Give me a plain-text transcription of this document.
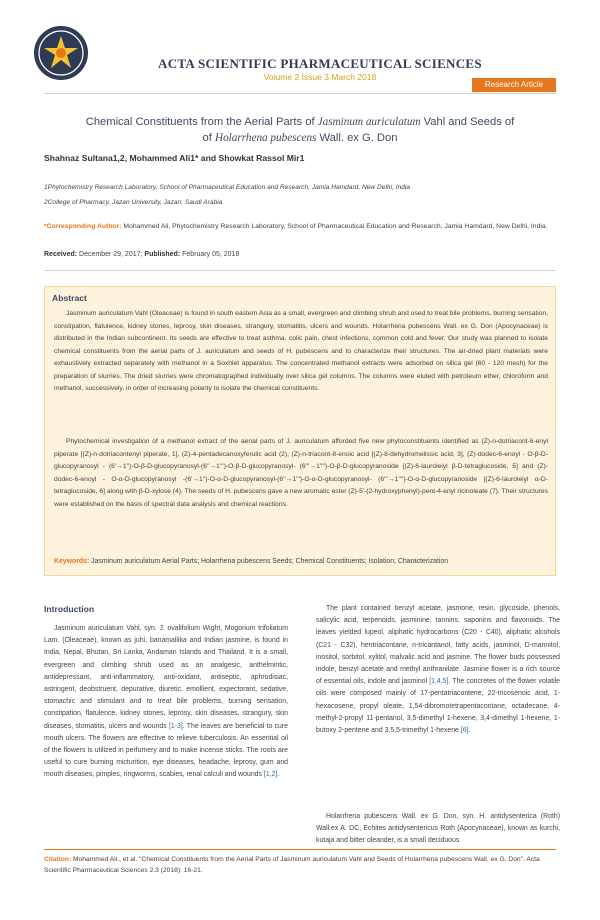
ACTA SCIENTIFIC PHARMACEUTICAL SCIENCES
Volume 2 Issue 3 March 2018
Research Article
Chemical Constituents from the Aerial Parts of Jasminum auriculatum Vahl and Seeds of
of Holarrhena pubescens Wall. ex G. Don
Shahnaz Sultana1,2, Mohammed Ali1* and Showkat Rassol Mir1
1Phytochemistry Research Laboratory, School of Pharmaceutical Education and Research, Jamia Hamdard, New Delhi, India
2College of Pharmacy, Jazan University, Jazan, Saudi Arabia
*Corresponding Author: Mohammed Ali, Phytochemistry Research Laboratory, School of Pharmaceutical Education and Research, Jamia Hamdard, New Delhi, India.
Received: December 29, 2017; Published: February 05, 2018
Abstract

Jasminum auriculatum Vahl (Oleaceae) is found in south eastern Asia as a small, evergreen and climbing shrub and used to treat bile problems, burning sensation, constipation, flatulence, kidney stones, leprosy, skin diseases, strangury, stomatitis, ulcers and wounds. Holarrhena pubescens Wall. ex G. Don (Apocynaceae) is distributed in the Indian subcontinent. Its seeds are effective to treat asthma, colic pain, chest infections, common cold and fever. Our study was planned to isolate chemical constituents from the aerial parts of J. auriculatum and seeds of H. pubescens and to characterize their structures. The air-dried plant materials were exhaustively extracted separately with methanol in a Soxhlet apparatus. The concentrated methanol extracts were adsorbed on silica gel (60 - 120 mesh) for the preparation of slurries. The dried slurries were chromatographed individually over silica gel columns. The columns were eluted with petroleum ether, chloroform and methanol, successively, in order of increasing polarity to isolate the chemical constituents.

Phytochemical investigation of a methanol extract of the aerial parts of J. auriculatum afforded five new phytoconstituents identified as (Z)-n-dotriacont-6-enyl piperate [(Z)-n-dotriacontenyl piperate, 1], (Z)-4-pentadecanoxyferulic acid (2), (Z)-n-triacont-8-enoic acid [(Z)-8-dehydromelissic acid, 3], (Z)-dodec-6-enoyl - O-β-D-glucopyranosyl - (6'→1'')-O-β-D-glucopyranosyl-(6''→1''')-O-β-D-glucopyranosyl- (6'''→1'''')-O-β-D-glucopyranoside [(Z)-6-lauroleiyl β-D-tetraglucoside, 5] and (Z)-dodec-6-enoyl - O-α-D-glucopyranosyl -(6'→1'')-O-α-D-glucopyranosyl-(6''→1''')-O-α-D-glucopyranosyl- (6'''→1'''')-O-α-D-glucopyranoside [(Z)-6-lauroleiyl α-D-tetraglucoside, 6] along with β-D-xylose (4). The seeds of H. pubescens gave a new aromatic ester (Z)-5'-(2-hydroxyphenyl)-pent-4-enyl ricinoleate (7). Their structures were established on the basis of spectral data analysis and chemical reactions.

Keywords: Jasminum auriculatum Aerial Parts; Holarrhena pubescens Seeds; Chemical Constituents; Isolation; Characterization
Introduction

Jasminum auriculatum Vahl, syn. J. ovalifolium Wight, Mogorium trifoliatum Lam. (Oleaceae), known as juhi, banamallika and Indian jasmine, is found in India, Nepal, Bhutan, Sri Lanka, Andaman Islands and Thailand. It is a small, evergreen and climbing shrub used as an analgesic, anthelmintic, antidepressant, anti-inflammatory, anti-oxidant, antiseptic, aphrodisiac, astringent, deobstruent, depurative, diuretic, emollient, expectorant, sedative, stomachic and stimulant and to treat bile problems, burning sensation, constipation, flatulence, kidney stones, leprosy, skin diseases, strangury, skin diseases, stomatitis, ulcers and wounds [1-3]. The leaves are beneficial to cure mouth ulcers. The flowers are effective to relieve tuberculosis. An essential oil of the flowers is utilized in perfumery and to make incense sticks. The roots are useful to cure burning micturition, eye diseases, headache, leprosy, gum and mouth diseases, pimples, ringworms, scabies, renal calculi and wounds [1,2].

The plant contained benzyl acetate, jasmone, resin, glycoside, phenols, salicylic acid, terpenoids, jasminine, tannins, saponins and flavonoids. The leaves yielded lupeol, aliphatic hydrocarbons (C20 - C40), aliphatic alcohols (C21 - C32), hentriacontane, n-tricantanol, fatty acids, jasminol, D-mannitol, inositol, sorbitol, xylitol, malvalic acid and jasmine. The flower buds possessed indole, benzyl acetate and methyl anthranilate. Jasmine flower is a rich source of essential oils, indole and jasminol [1,4,5]. The concretes of the flower volatile oils were composed mainly of 17-pentatriacontene, 22-tricosenoic acid, 1-hexacosene, propyl oleate, 1,54-dibromotetrapentacontane, octadecane, 4-methyl-2-propyl 11-pentanol, 3,5-dimethyl 1-hexene, 3,4-dimethyl 1-hexene, 1-butoxy 2-pentene and 3,5,5-trimethyl 1-hexene [6].

Holarrhena pubescens Wall. ex G. Don, syn. H. antidysenterica (Roth) Wall.ex A. DC, Echites antidysentericus Roth (Apocynaceae), known as kurchi, kutaja and bitter oleander, is a small deciduous

Citation: Mohammed Ali., et al. "Chemical Constituents from the Aerial Parts of Jasminum auriculatum Vahl and Seeds of Holarrhena pubescens Wall. ex G. Don". Acta Scientific Pharmaceutical Sciences 2.3 (2018): 16-21.
